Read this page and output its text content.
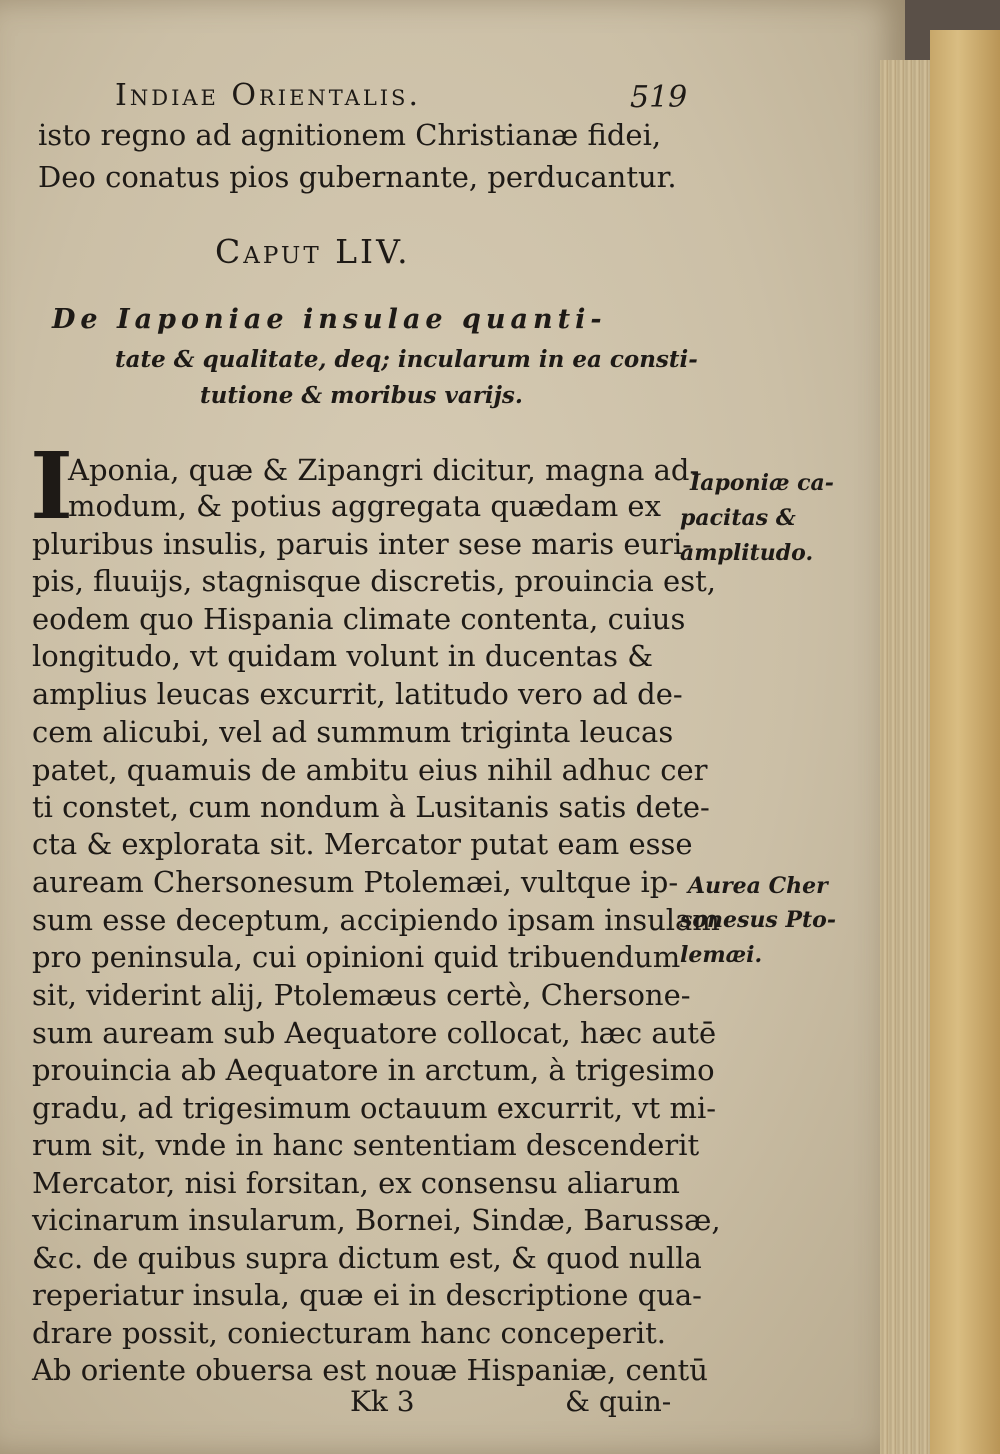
Indiae Orientalis.	519
isto regno ad agnitionem Christianæ fidei,
Deo conatus pios gubernante, perducantur.
Caput LIV.
De Iaponiae insulae quanti-
tate & qualitate, deq; incularum in ea consti-
tutione & moribus varijs.
I
Aponia, quæ & Zipangri dicitur, magna ad-
modum, & potius aggregata quædam ex
pluribus insulis, paruis inter sese maris euri-
pis, fluuijs, stagnisque discretis, prouincia est,
eodem quo Hispania climate contenta, cuius
longitudo, vt quidam volunt in ducentas &
amplius leucas excurrit, latitudo vero ad de-
cem alicubi, vel ad summum triginta leucas
patet, quamuis de ambitu eius nihil adhuc cer
ti constet, cum nondum à Lusitanis satis dete-
cta & explorata sit. Mercator putat eam esse
auream Chersonesum Ptolemæi, vultque ip-
sum esse deceptum, accipiendo ipsam insulam
pro peninsula, cui opinioni quid tribuendum
sit, viderint alij, Ptolemæus certè, Chersone-
sum auream sub Aequatore collocat, hæc autē
prouincia ab Aequatore in arctum, à trigesimo
gradu, ad trigesimum octauum excurrit, vt mi-
rum sit, vnde in hanc sententiam descenderit
Mercator, nisi forsitan, ex consensu aliarum
vicinarum insularum, Bornei, Sindæ, Barussæ,
&c. de quibus supra dictum est, & quod nulla
reperiatur insula, quæ ei in descriptione qua-
drare possit, coniecturam hanc conceperit.
Ab oriente obuersa est nouæ Hispaniæ, centū
Iaponiæ ca-
pacitas &
amplitudo.
Aurea Cher
sonesus Pto-
lemæi.
Kk 3	& quin-
